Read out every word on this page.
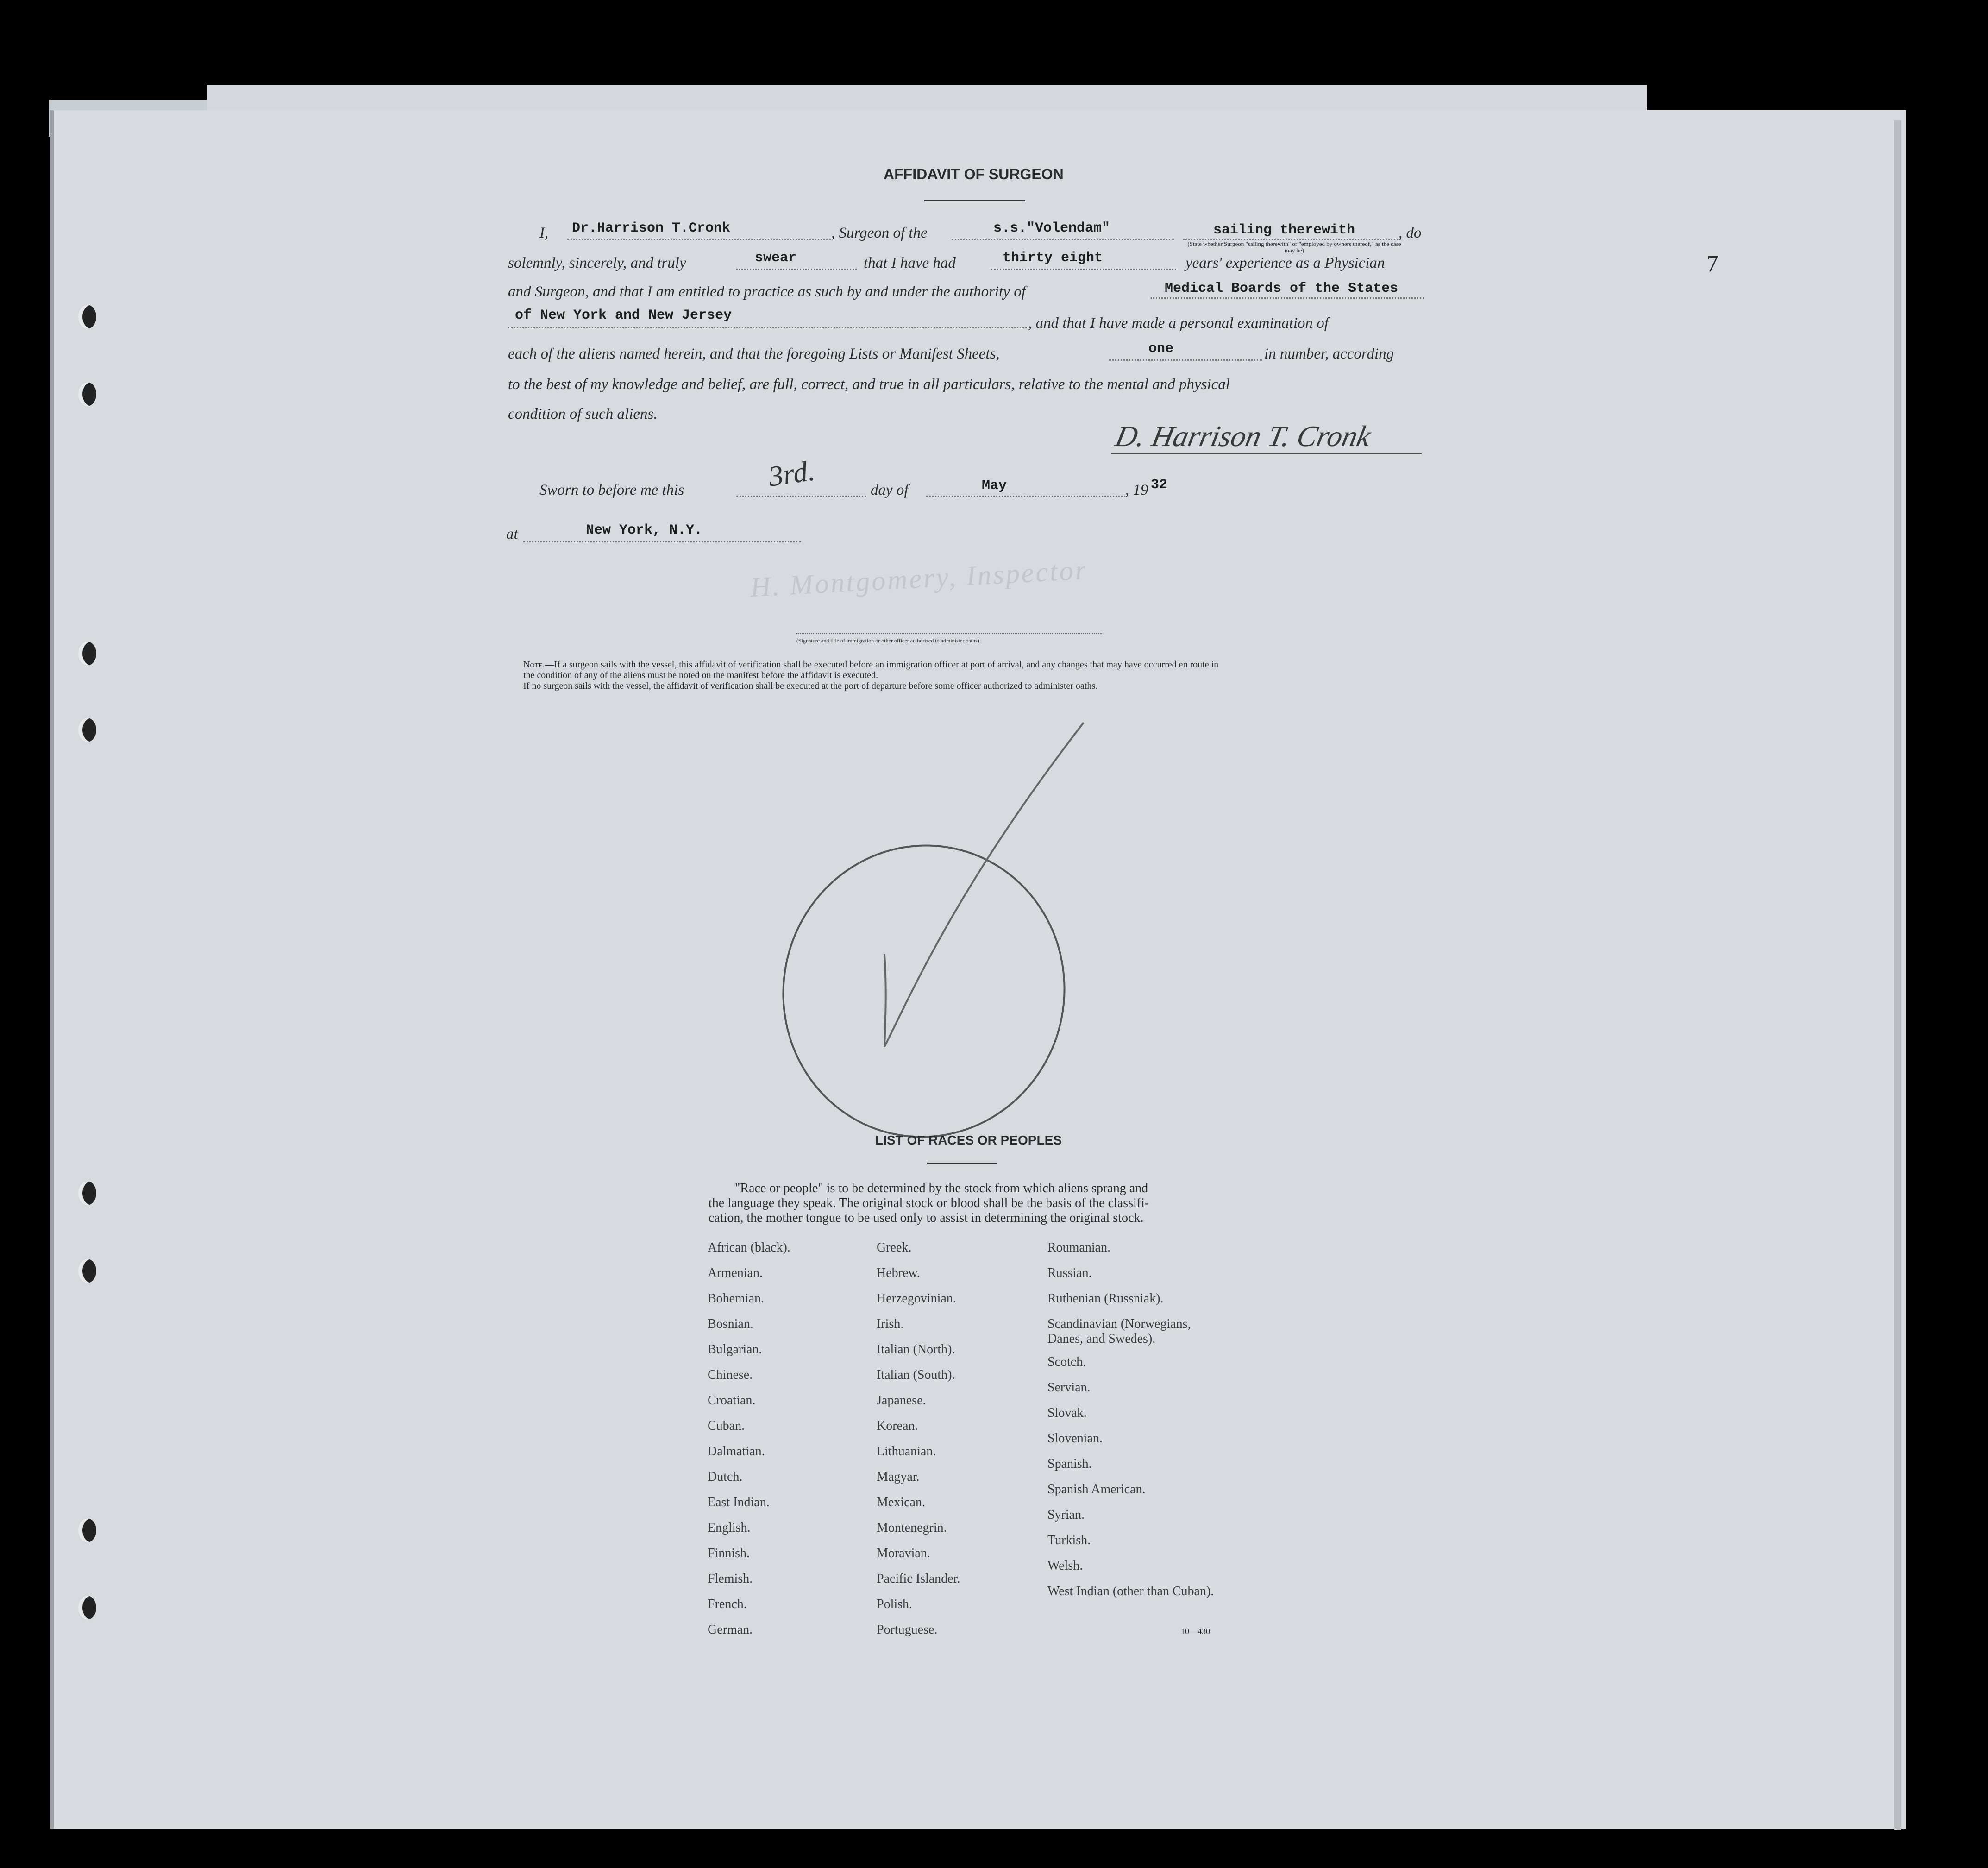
7
AFFIDAVIT OF SURGEON
I, Dr.Harrison T.Cronk	, Surgeon of the	s.s."Volendam"	sailing therewith	, do
(State whether Surgeon "sailing therewith" or "employed by owners thereof," as the case may be)
solemnly, sincerely, and truly	swear	that I have had	thirty eight	years' experience as a Physician
and Surgeon, and that I am entitled to practice as such by and under the authority of	Medical Boards of the States
of New York and New Jersey	, and that I have made a personal examination of
each of the aliens named herein, and that the foregoing Lists or Manifest Sheets,	one	in number, according
to the best of my knowledge and belief, are full, correct, and true in all particulars, relative to the mental and physical
condition of such aliens.
D. Harrison T. Cronk
Sworn to before me this	3rd.	day of	May	, 19 32
at	New York, N.Y.
H. Montgomery, Inspector
(Signature and title of immigration or other officer authorized to administer oaths)
Note.—If a surgeon sails with the vessel, this affidavit of verification shall be executed before an immigration officer at port of arrival, and any changes that may have occurred en route in
the condition of any of the aliens must be noted on the manifest before the affidavit is executed.
If no surgeon sails with the vessel, the affidavit of verification shall be executed at the port of departure before some officer authorized to administer oaths.
LIST OF RACES OR PEOPLES
"Race or people" is to be determined by the stock from which aliens sprang and
the language they speak. The original stock or blood shall be the basis of the classifi-
cation, the mother tongue to be used only to assist in determining the original stock.
African (black).
Armenian.
Bohemian.
Bosnian.
Bulgarian.
Chinese.
Croatian.
Cuban.
Dalmatian.
Dutch.
East Indian.
English.
Finnish.
Flemish.
French.
German.
Greek.
Hebrew.
Herzegovinian.
Irish.
Italian (North).
Italian (South).
Japanese.
Korean.
Lithuanian.
Magyar.
Mexican.
Montenegrin.
Moravian.
Pacific Islander.
Polish.
Portuguese.
Roumanian.
Russian.
Ruthenian (Russniak).
Scandinavian (Norwegians, Danes, and Swedes).
Scotch.
Servian.
Slovak.
Slovenian.
Spanish.
Spanish American.
Syrian.
Turkish.
Welsh.
West Indian (other than Cuban).
10—430
